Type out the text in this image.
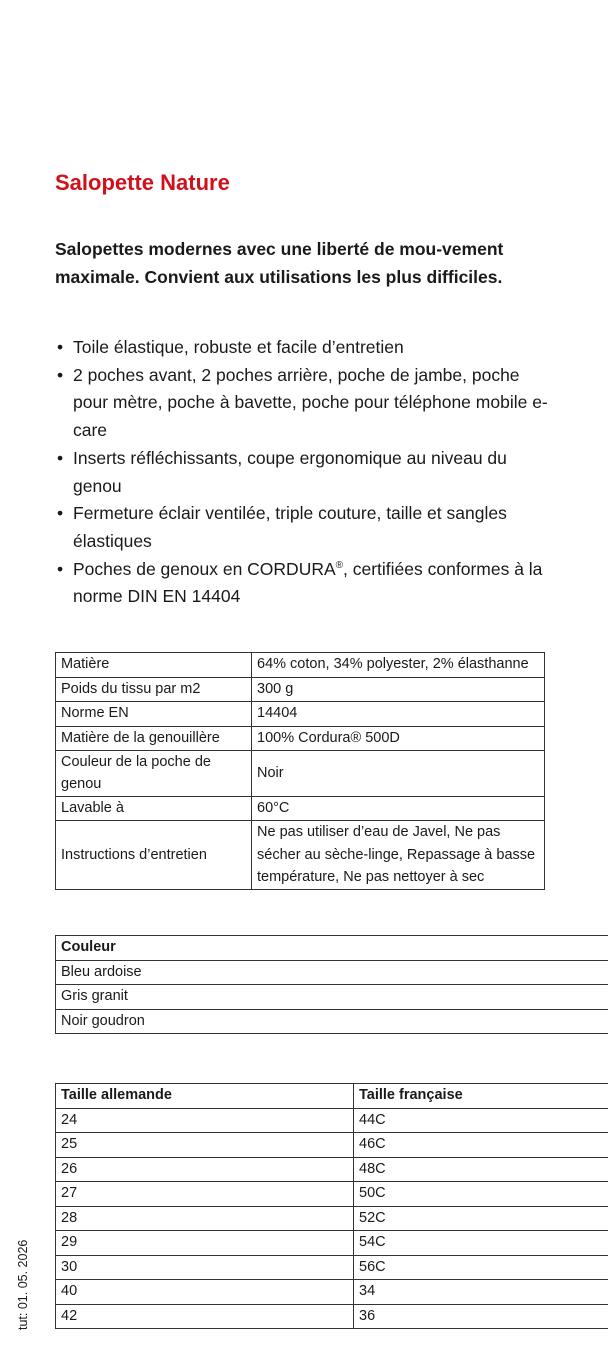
Salopette Nature

Salopettes modernes avec une liberté de mou-vement maximale. Convient aux utilisations les plus difficiles.

• Toile élastique, robuste et facile d’entretien
• 2 poches avant, 2 poches arrière, poche de jambe, poche pour mètre, poche à bavette, poche pour téléphone mobile e-care
• Inserts réfléchissants, coupe ergonomique au niveau du genou
• Fermeture éclair ventilée, triple couture, taille et sangles élastiques
• Poches de genoux en CORDURA®, certifiées conformes à la norme DIN EN 14404
Matière	64% coton, 34% polyester, 2% élasthanne
Poids du tissu par m2	300 g
Norme EN	14404
Matière de la genouillère	100% Cordura® 500D
Couleur de la poche de genou	Noir
Lavable à	60°C
Instructions d’entretien	Ne pas utiliser d’eau de Javel, Ne pas sécher au sèche-linge, Repassage à basse température, Ne pas nettoyer à sec
Couleur
Bleu ardoise
Gris granit
Noir goudron
Taille allemande	Taille française
24	44C
25	46C
26	48C
27	50C
28	52C
29	54C
30	56C
40	34
42	36

tut: 01. 05. 2026
